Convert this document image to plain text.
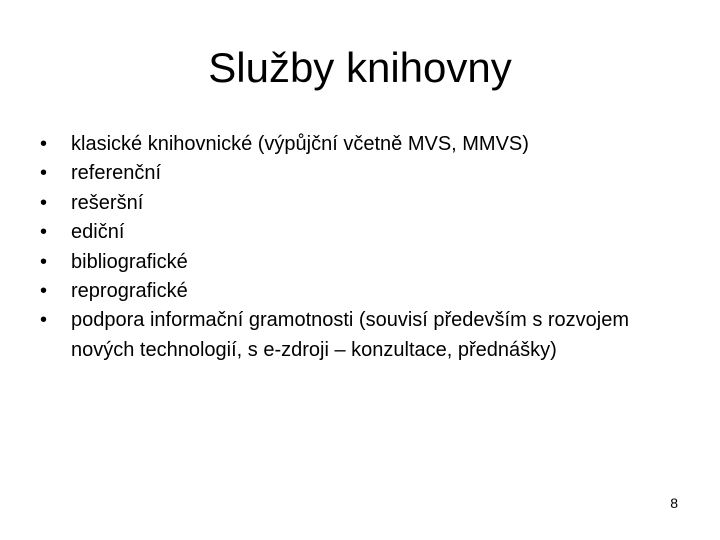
Služby knihovny
•	klasické knihovnické (výpůjční včetně MVS, MMVS)
•	referenční
•	rešeršní
•	ediční
•	bibliografické
•	reprografické
•	podpora informační gramotnosti (souvisí především s rozvojem nových technologií, s e-zdroji – konzultace, přednášky)
8
